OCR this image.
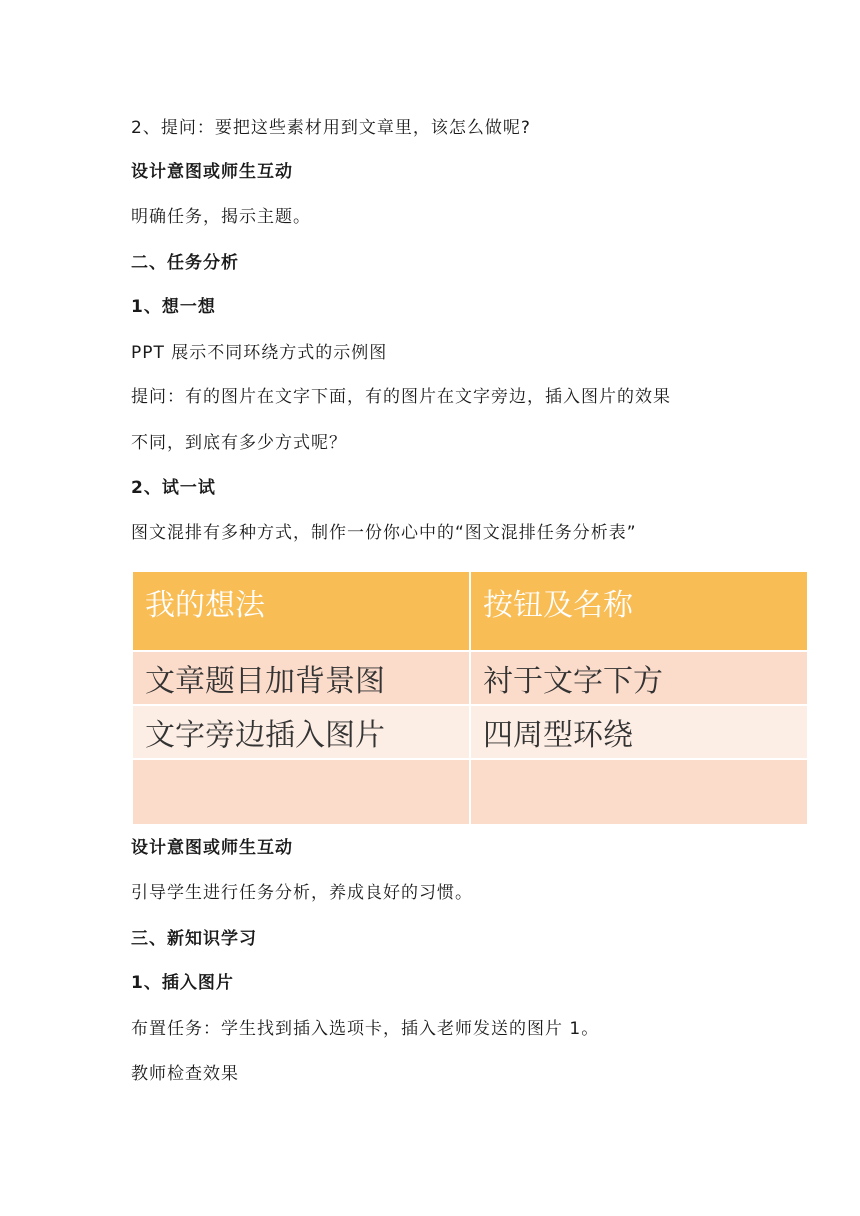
2、提问：要把这些素材用到文章里，该怎么做呢?
设计意图或师生互动
明确任务，揭示主题。
二、任务分析
1、想一想
PPT 展示不同环绕方式的示例图
提问：有的图片在文字下面，有的图片在文字旁边，插入图片的效果
不同，到底有多少方式呢？
2、试一试
图文混排有多种方式，制作一份你心中的“图文混排任务分析表”
我的想法	按钮及名称
文章题目加背景图	衬于文字下方
文字旁边插入图片	四周型环绕

设计意图或师生互动
引导学生进行任务分析，养成良好的习惯。
三、新知识学习
1、插入图片
布置任务：学生找到插入选项卡，插入老师发送的图片 1。
教师检查效果
